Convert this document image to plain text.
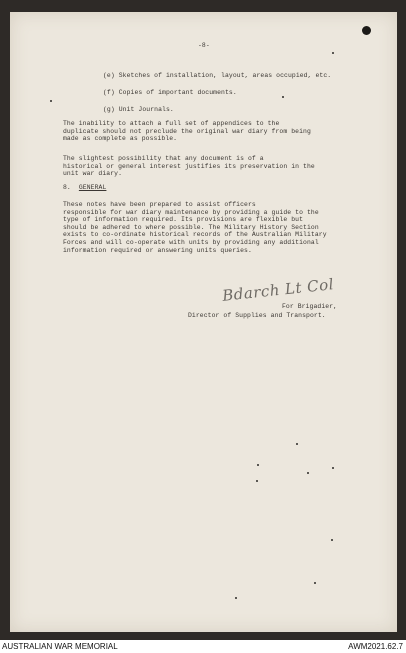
-8-

(e) Sketches of installation, layout, areas occupied, etc.

(f) Copies of important documents.

(g) Unit Journals.

The inability to attach a full set of appendices to the
duplicate should not preclude the original war diary from being
made as complete as possible.
The slightest possibility that any document is of a
historical or general interest justifies its preservation in the
unit war diary.

8. GENERAL

These notes have been prepared to assist officers
responsible for war diary maintenance by providing a guide to the
type of information required. Its provisions are flexible but
should be adhered to where possible. The Military History Section
exists to co-ordinate historical records of the Australian Military
Forces and will co-operate with units by providing any additional
information required or answering units queries.
Bdarch Lt Col

For Brigadier,

Director of Supplies and Transport.

AUSTRALIAN WAR MEMORIAL	AWM2021.62.7
